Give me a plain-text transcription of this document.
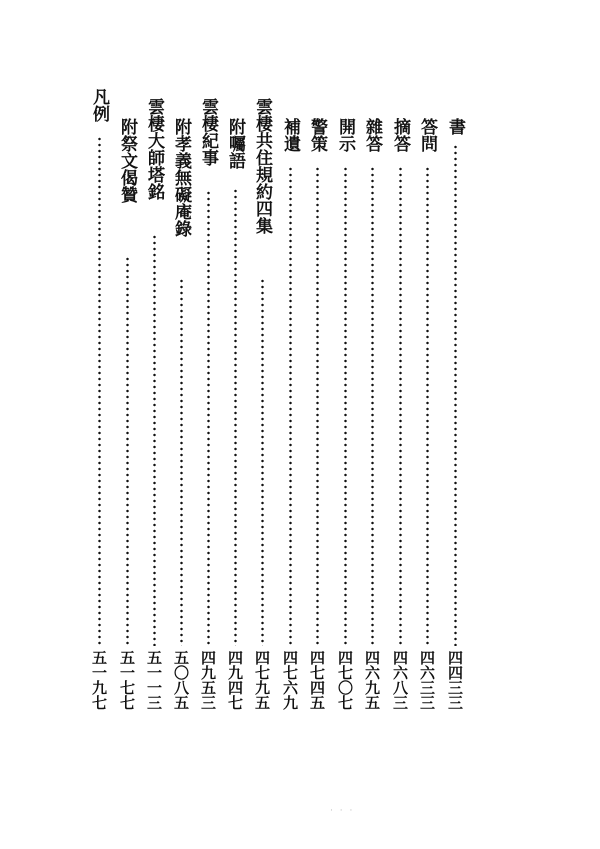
書
四四三三
答問
四六三三
摘答
四六八三
雜答
四六九五
開示
四七〇七
警策
四七四五
補遺
四七六九
雲棲共住規約四集
四七九五
附囑語
四九四七
雲棲紀事
四九五三
附孝義無礙庵錄
五〇八五
雲棲大師塔銘
五一一三
附祭文偈贊
五一七七
凡例
五一九七
· · ·
